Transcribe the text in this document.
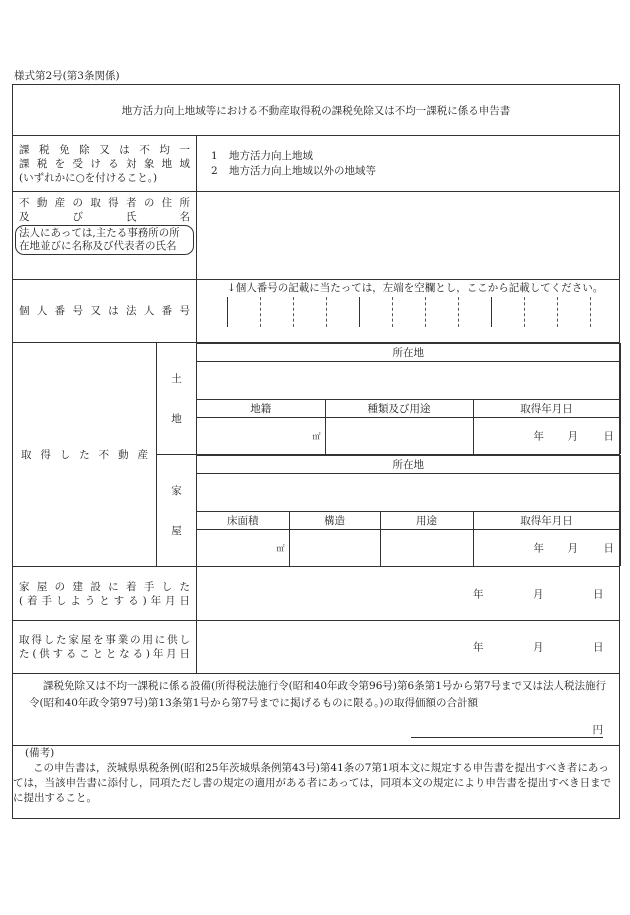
様式第2号(第3条関係)
地方活力向上地域等における不動産取得税の課税免除又は不均一課税に係る申告書

課税免除又は不均一
課税を受ける対象地域
(いずれかに○を付けること。)

1 地方活力向上地域
2 地方活力向上地域以外の地域等

不動産の取得者の住所
及　　び　　氏　　名
法人にあっては,主たる事務所の所在地並びに名称及び代表者の氏名

個人番号又は法人番号

↓個人番号の記載に当たっては，左端を空欄とし，ここから記載してください。

取得した不動産

土
地

所在地

地籍	種類及び用途	取得年月日
㎡		年 月 日

家
屋

所在地

床面積	構造	用途	取得年月日
㎡			年 月 日

家屋の建設に着手した
(着手しようとする)年月日

年	月	日

取得した家屋を事業の用に供し
た(供することとなる)年月日

年	月	日

課税免除又は不均一課税に係る設備(所得税法施行令(昭和40年政令第96号)第6条第1号から第7号まで又は法人税法施行令(昭和40年政令第97号)第13条第1号から第7号までに掲げるものに限る。)の取得価額の合計額
円

(備考)
この申告書は，茨城県県税条例(昭和25年茨城県条例第43号)第41条の7第1項本文に規定する申告書を提出すべき者にあっては，当該申告書に添付し，同項ただし書の規定の適用がある者にあっては，同項本文の規定により申告書を提出すべき日までに提出すること。
